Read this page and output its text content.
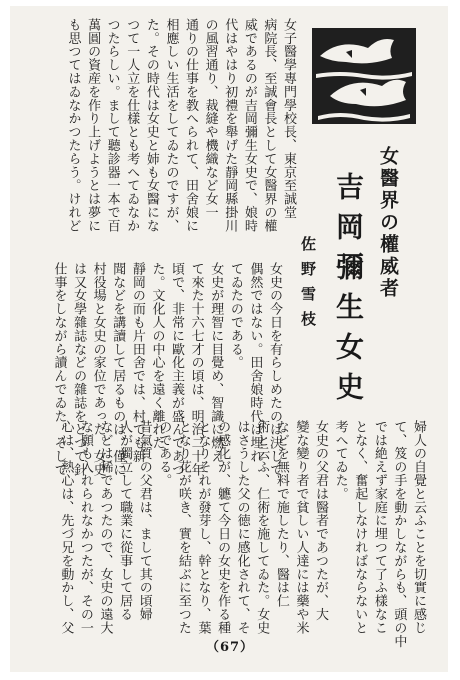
女子醫學專門學校長、東京至誠堂
病院長、至誠會長として女醫界の權
威であるのが吉岡彌生女史で、娘時
代はやはり初禮を舉げた靜岡縣掛川
の風習通り、裁縫や機織など女一
通りの仕事を教へられて、田舍娘に
相應しい生活をしてゐたのですが、
た。その時代は女史と姉も女醫にな
つて一人立を仕樣とも考へてゐなか
つたらしい。まして聽診器一本で百
萬圓の資産を作り上げようとは夢に
も思つてはゐなかつたらう。けれど	女醫界の權威者
吉岡彌生女史
佐野雪枝
女史の今日を有らしめたのは決して
偶然ではない。田舍娘時代は埋れ
てゐたのである。
女史が理智に目覺め、智識に燃え
て來た十六七才の頃は、明治二十年
頃で、非常に歐化主義が盛んであつ
た。文化人の中心を遠く離れた
靜岡の而も片田舍では、村でも新
聞などを講讀して居るものは、僅に
村役場と女史の家位であった。女史
は又女學雜誌などの雜誌をとつて針
仕事をしながら讀んでゐた。そして
婦人の自覺と云ふことを切實に感じ
て、笈の手を動かしながらも、頭の中
では絶えず家庭に埋つて了ふ樣なこ
となく、奮起しなければならないと
考へてゐた。
女史の父君は醫者であつたが、大
變な變り者で貧しい人達には藥や米
などを無料で施したり、醫は仁
術と云ふ、仁術を施してゐた。女史
はさうした父の徳に感化されて、そ
の感化が、軈て今日の女史を作る種
となりそれが發芽し、幹となり、葉
となり花が咲き、實を結ぶに至つた
のである。
昔氣質の父君は、まして其の頃婦
人が獨立して職業に從事して居る
などは稀であつたので、女史の遠大
な願も入れられなかつたが、その一
心は、熱心は、先づ兄を動かし、父
（67）
